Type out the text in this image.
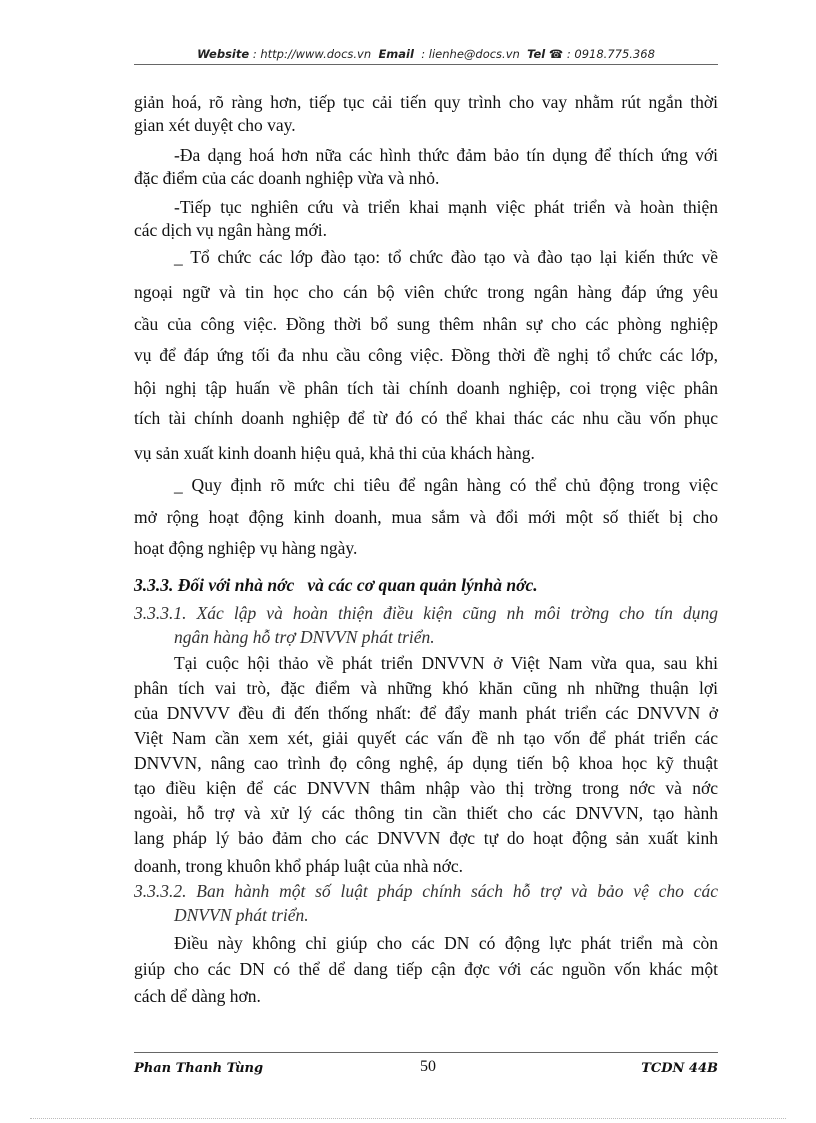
Website : http://www.docs.vn Email : lienhe@docs.vn Tel ☎ : 0918.775.368
giản hoá, rõ ràng hơn, tiếp tục cải tiến quy trình cho vay nhằm rút ngắn thời
gian xét duyệt cho vay.
-Đa dạng hoá hơn nữa các hình thức đảm bảo tín dụng để thích ứng với
đặc điểm của các doanh nghiệp vừa và nhỏ.
-Tiếp tục nghiên cứu và triển khai mạnh việc phát triển và hoàn thiện
các dịch vụ ngân hàng mới.
_ Tổ chức các lớp đào tạo: tổ chức đào tạo và đào tạo lại kiến thức về
ngoại ngữ và tin học cho cán bộ viên chức trong ngân hàng đáp ứng yêu
cầu của công việc. Đồng thời bổ sung thêm nhân sự cho các phòng nghiệp
vụ để đáp ứng tối đa nhu cầu công việc. Đồng thời đề nghị tổ chức các lớp,
hội nghị tập huấn về phân tích tài chính doanh nghiệp, coi trọng việc phân
tích tài chính doanh nghiệp để từ đó có thể khai thác các nhu cầu vốn phục
vụ sản xuất kinh doanh hiệu quả, khả thi của khách hàng.
_ Quy định rõ mức chi tiêu để ngân hàng có thể chủ động trong việc
mở rộng hoạt động kinh doanh, mua sắm và đổi mới một số thiết bị cho
hoạt động nghiệp vụ hàng ngày.
3.3.3. Đối với nhà nớc   và các cơ quan quản lýnhà nớc.
3.3.3.1. Xác lập và hoàn thiện điều kiện cũng nh môi trờng cho tín dụng
ngân hàng hỗ trợ DNVVN phát triển.
Tại cuộc hội thảo về phát triển DNVVN ở Việt Nam vừa qua, sau khi
phân tích vai trò, đặc điểm và những khó khăn cũng nh những thuận lợi
của DNVVV đều đi đến thống nhất: để đẩy manh phát triển các DNVVN ở
Việt Nam cần xem xét, giải quyết các vấn đề nh tạo vốn để phát triển các
DNVVN, nâng cao trình đọ công nghệ, áp dụng tiến bộ khoa học kỹ thuật
tạo điều kiện để các DNVVN thâm nhập vào thị trờng trong nớc và nớc
ngoài, hỗ trợ và xử lý các thông tin cần thiết cho các DNVVN, tạo hành
lang pháp lý bảo đảm cho các DNVVN đợc tự do hoạt động sản xuất kinh
doanh, trong khuôn khổ pháp luật của nhà nớc.
3.3.3.2. Ban hành một số luật pháp chính sách hỗ trợ và bảo vệ cho các
DNVVN phát triển.
Điều này không chỉ giúp cho các DN có động lực phát triển mà còn
giúp cho các DN có thể dể dang tiếp cận đợc với các nguồn vốn khác một
cách dể dàng hơn.
Phan Thanh Tùng	50	TCDN 44B
